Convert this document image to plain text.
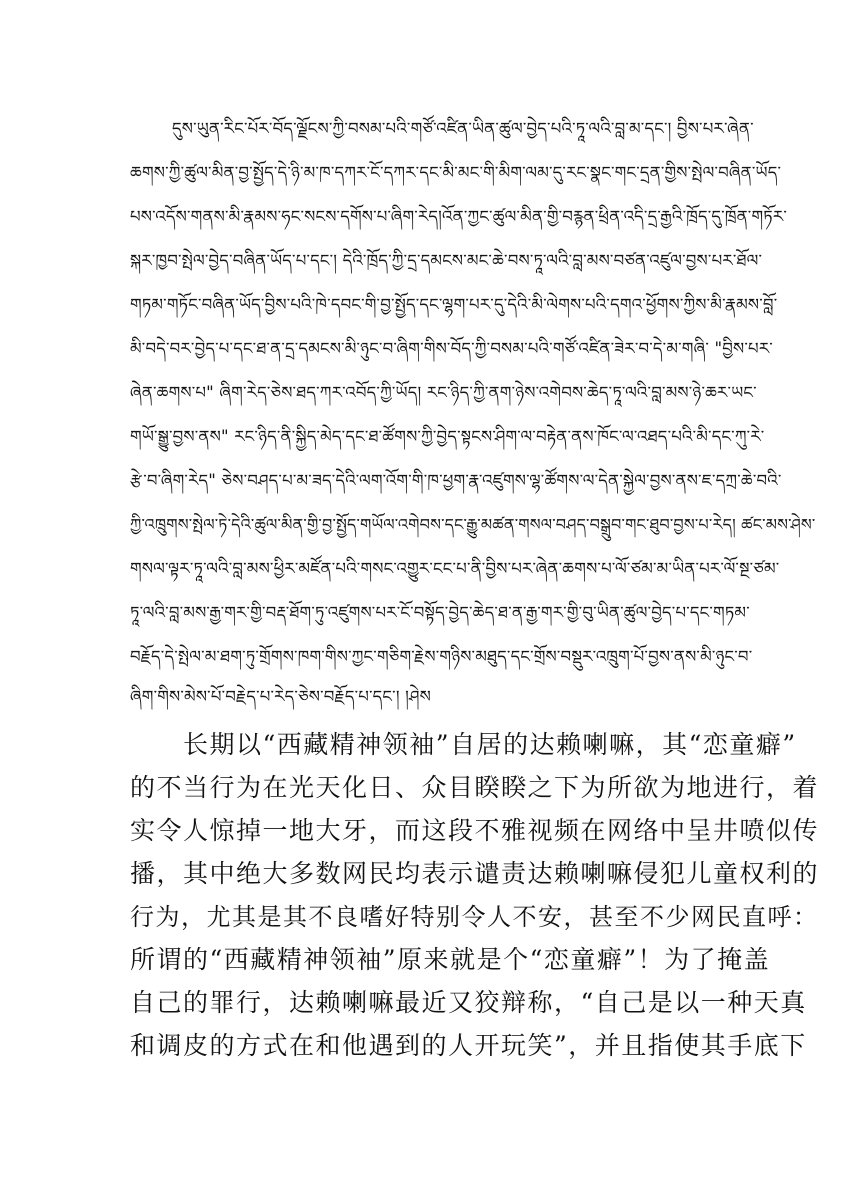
དུས་ཡུན་རིང་པོར་བོད་ལྗོངས་ཀྱི་བསམ་པའི་གཙོ་འཛིན་ཡིན་ཚུལ་བྱེད་པའི་ཏཱ་ལའི་བླ་མ་དང་། བྱིས་པར་ཞེན་
ཆགས་ཀྱི་ཚུལ་མིན་བྱ་སྤྱོད་དེ་ཉི་མ་ཁ་དཀར་ངོ་དཀར་དང་མི་མང་གི་མིག་ལམ་དུ་རང་སྣང་གང་དྲན་གྱིས་སྤེལ་བཞིན་ཡོད་
པས་འདོས་གནས་མི་རྣམས་ཧང་སངས་དགོས་པ་ཞིག་རེད།འོན་ཀྱང་ཚུལ་མིན་གྱི་བརྙན་ཕྲིན་འདི་དྲ་རྒྱའི་ཁྲོད་དུ་ཁྲོན་གཏོར་
སྐར་ཁྱབ་སྤེལ་བྱེད་བཞིན་ཡོད་པ་དང་། དེའི་ཁྲོད་ཀྱི་དྲ་དམངས་མང་ཆེ་བས་ཏཱ་ལའི་བླ་མས་བཙན་འཛུལ་བྱས་པར་ཐོལ་
གཏམ་གཏོང་བཞིན་ཡོད་བྱིས་པའི་ཁེ་དབང་གི་བྱ་སྤྱོད་དང་ལྷག་པར་དུ་དེའི་མི་ལེགས་པའི་དགའ་ཕྱོགས་ཀྱིས་མི་རྣམས་བློ་
མི་བདེ་བར་བྱེད་པ་དང་ཐ་ན་དྲ་དམངས་མི་ཉུང་བ་ཞིག་གིས་བོད་ཀྱི་བསམ་པའི་གཙོ་འཛིན་ཟེར་བ་དེ་མ་གཞི་ "བྱིས་པར་
ཞེན་ཆགས་པ" ཞིག་རེད་ཅེས་ཐད་ཀར་འབོད་ཀྱི་ཡོད། རང་ཉིད་ཀྱི་ནག་ཉེས་འགེབས་ཆེད་ཏཱ་ལའི་བླ་མས་ཉེ་ཆར་ཡང་
གཡོ་སྒྱུ་བྱས་ནས" རང་ཉིད་ནི་སྐྱིད་མེད་དང་ཐ་ཚོགས་ཀྱི་བྱེད་སྟངས་ཤིག་ལ་བརྟེན་ནས་ཁོང་ལ་འཐད་པའི་མི་དང་ཀུ་རེ་
རྩེ་བ་ཞིག་རེད" ཅེས་བཤད་པ་མ་ཟད་དེའི་ལག་འོག་གི་ཁ་ཕྱག་རྣ་འཛུགས་ལྷ་ཚོགས་ལ་དེན་སྐྱེལ་བྱས་ནས་ཇ་དཀྲ་ཆེ་བའི་
ཀྱི་འཁྲུགས་སྤེལ་ཏེ་དེའི་ཚུལ་མིན་གྱི་བྱ་སྤྱོད་གཡོལ་འགེབས་དང་རྒྱུ་མཚན་གསལ་བཤད་བསྒྲུབ་གང་ཐུབ་བྱས་པ་རེད། ཚང་མས་ཤེས་
གསལ་ལྟར་ཏཱ་ལའི་བླ་མས་ཕྱིར་མཛོན་པའི་གསང་འགྱུར་ངང་པ་ནི་བྱིས་པར་ཞེན་ཆགས་པ་ལོ་ཙམ་མ་ཡིན་པར་ལོ་སྔ་ཙམ་
ཏཱ་ལའི་བླ་མས་རྒྱ་གར་གྱི་བརྡ་ཐོག་ཏུ་འཛུགས་པར་ངོ་བསྟོད་བྱེད་ཆེད་ཐ་ན་རྒྱ་གར་གྱི་བུ་ཡིན་ཚུལ་བྱེད་པ་དང་གཏམ་
བརྗོད་དེ་སྤེལ་མ་ཐག་ཏུ་གྲོགས་ཁག་གིས་ཀྱང་གཅིག་རྗེས་གཉིས་མཐུད་དང་གྲོས་བསྡུར་འཁྲུག་པོ་བྱས་ནས་མི་ཉུང་བ་
ཞིག་གིས་མེས་པོ་བརྗེད་པ་རེད་ཅེས་བརྗོད་པ་དང་། །ཤེས
　　长期以“西藏精神领袖”自居的达赖喇嘛，其“恋童癖”
的不当行为在光天化日、众目睽睽之下为所欲为地进行，着
实令人惊掉一地大牙，而这段不雅视频在网络中呈井喷似传
播，其中绝大多数网民均表示谴责达赖喇嘛侵犯儿童权利的
行为，尤其是其不良嗜好特别令人不安，甚至不少网民直呼：
所谓的“西藏精神领袖”原来就是个“恋童癖”！为了掩盖
自己的罪行，达赖喇嘛最近又狡辩称，“自己是以一种天真
和调皮的方式在和他遇到的人开玩笑”，并且指使其手底下
